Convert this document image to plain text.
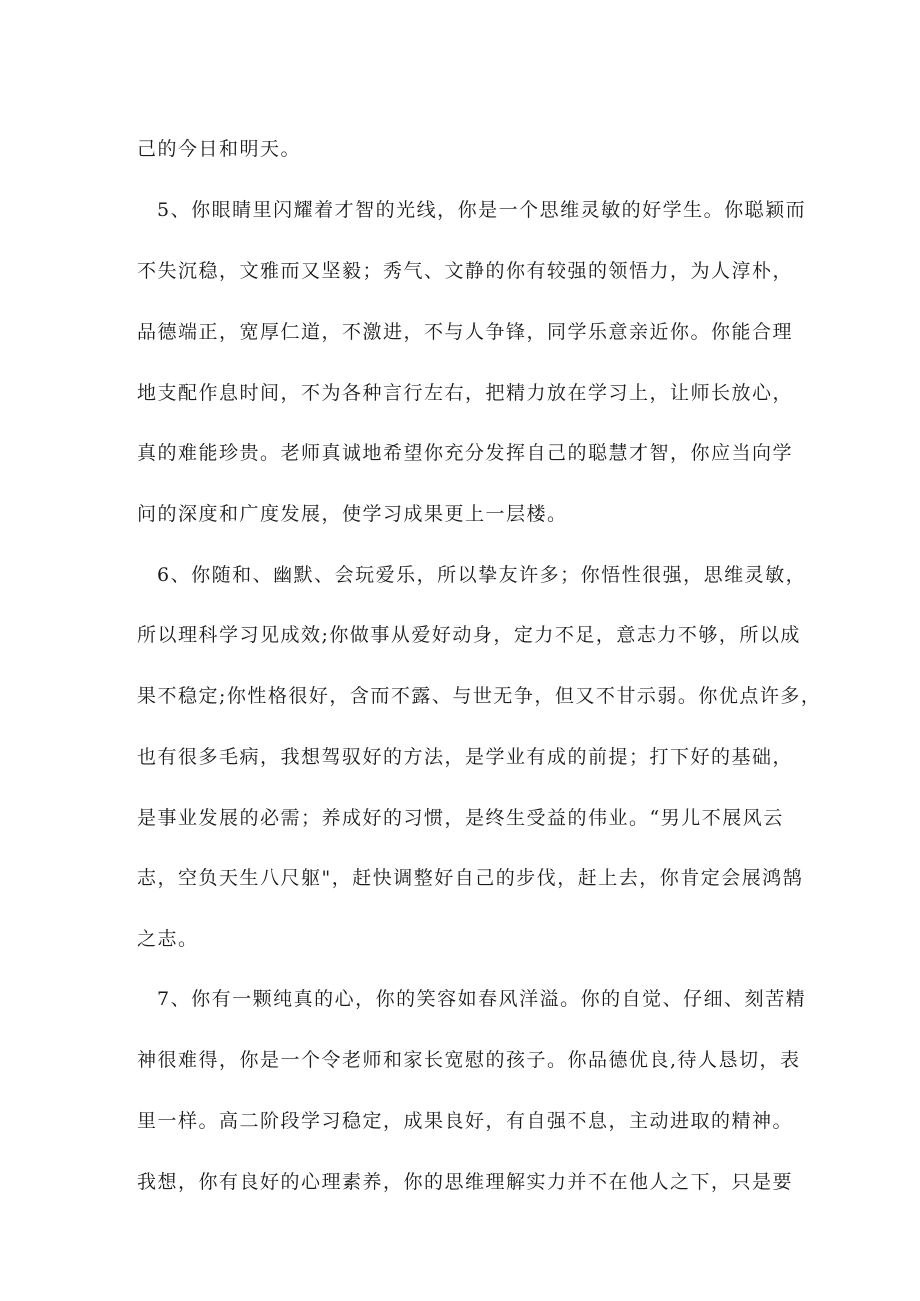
己的今日和明天。
5、你眼睛里闪耀着才智的光线，你是一个思维灵敏的好学生。你聪颖而
不失沉稳，文雅而又坚毅；秀气、文静的你有较强的领悟力，为人淳朴，
品德端正，宽厚仁道，不激进，不与人争锋，同学乐意亲近你。你能合理
地支配作息时间，不为各种言行左右，把精力放在学习上，让师长放心，
真的难能珍贵。老师真诚地希望你充分发挥自己的聪慧才智，你应当向学
问的深度和广度发展，使学习成果更上一层楼。
6、你随和、幽默、会玩爱乐，所以挚友许多；你悟性很强，思维灵敏，
所以理科学习见成效;你做事从爱好动身，定力不足，意志力不够，所以成
果不稳定;你性格很好，含而不露、与世无争，但又不甘示弱。你优点许多，
也有很多毛病，我想驾驭好的方法，是学业有成的前提；打下好的基础，
是事业发展的必需；养成好的习惯，是终生受益的伟业。“男儿不展风云
志，空负天生八尺躯"，赶快调整好自己的步伐，赶上去，你肯定会展鸿鹄
之志。
7、你有一颗纯真的心，你的笑容如春风洋溢。你的自觉、仔细、刻苦精
神很难得，你是一个令老师和家长宽慰的孩子。你品德优良,待人恳切，表
里一样。高二阶段学习稳定，成果良好，有自强不息，主动进取的精神。
我想，你有良好的心理素养，你的思维理解实力并不在他人之下，只是要
